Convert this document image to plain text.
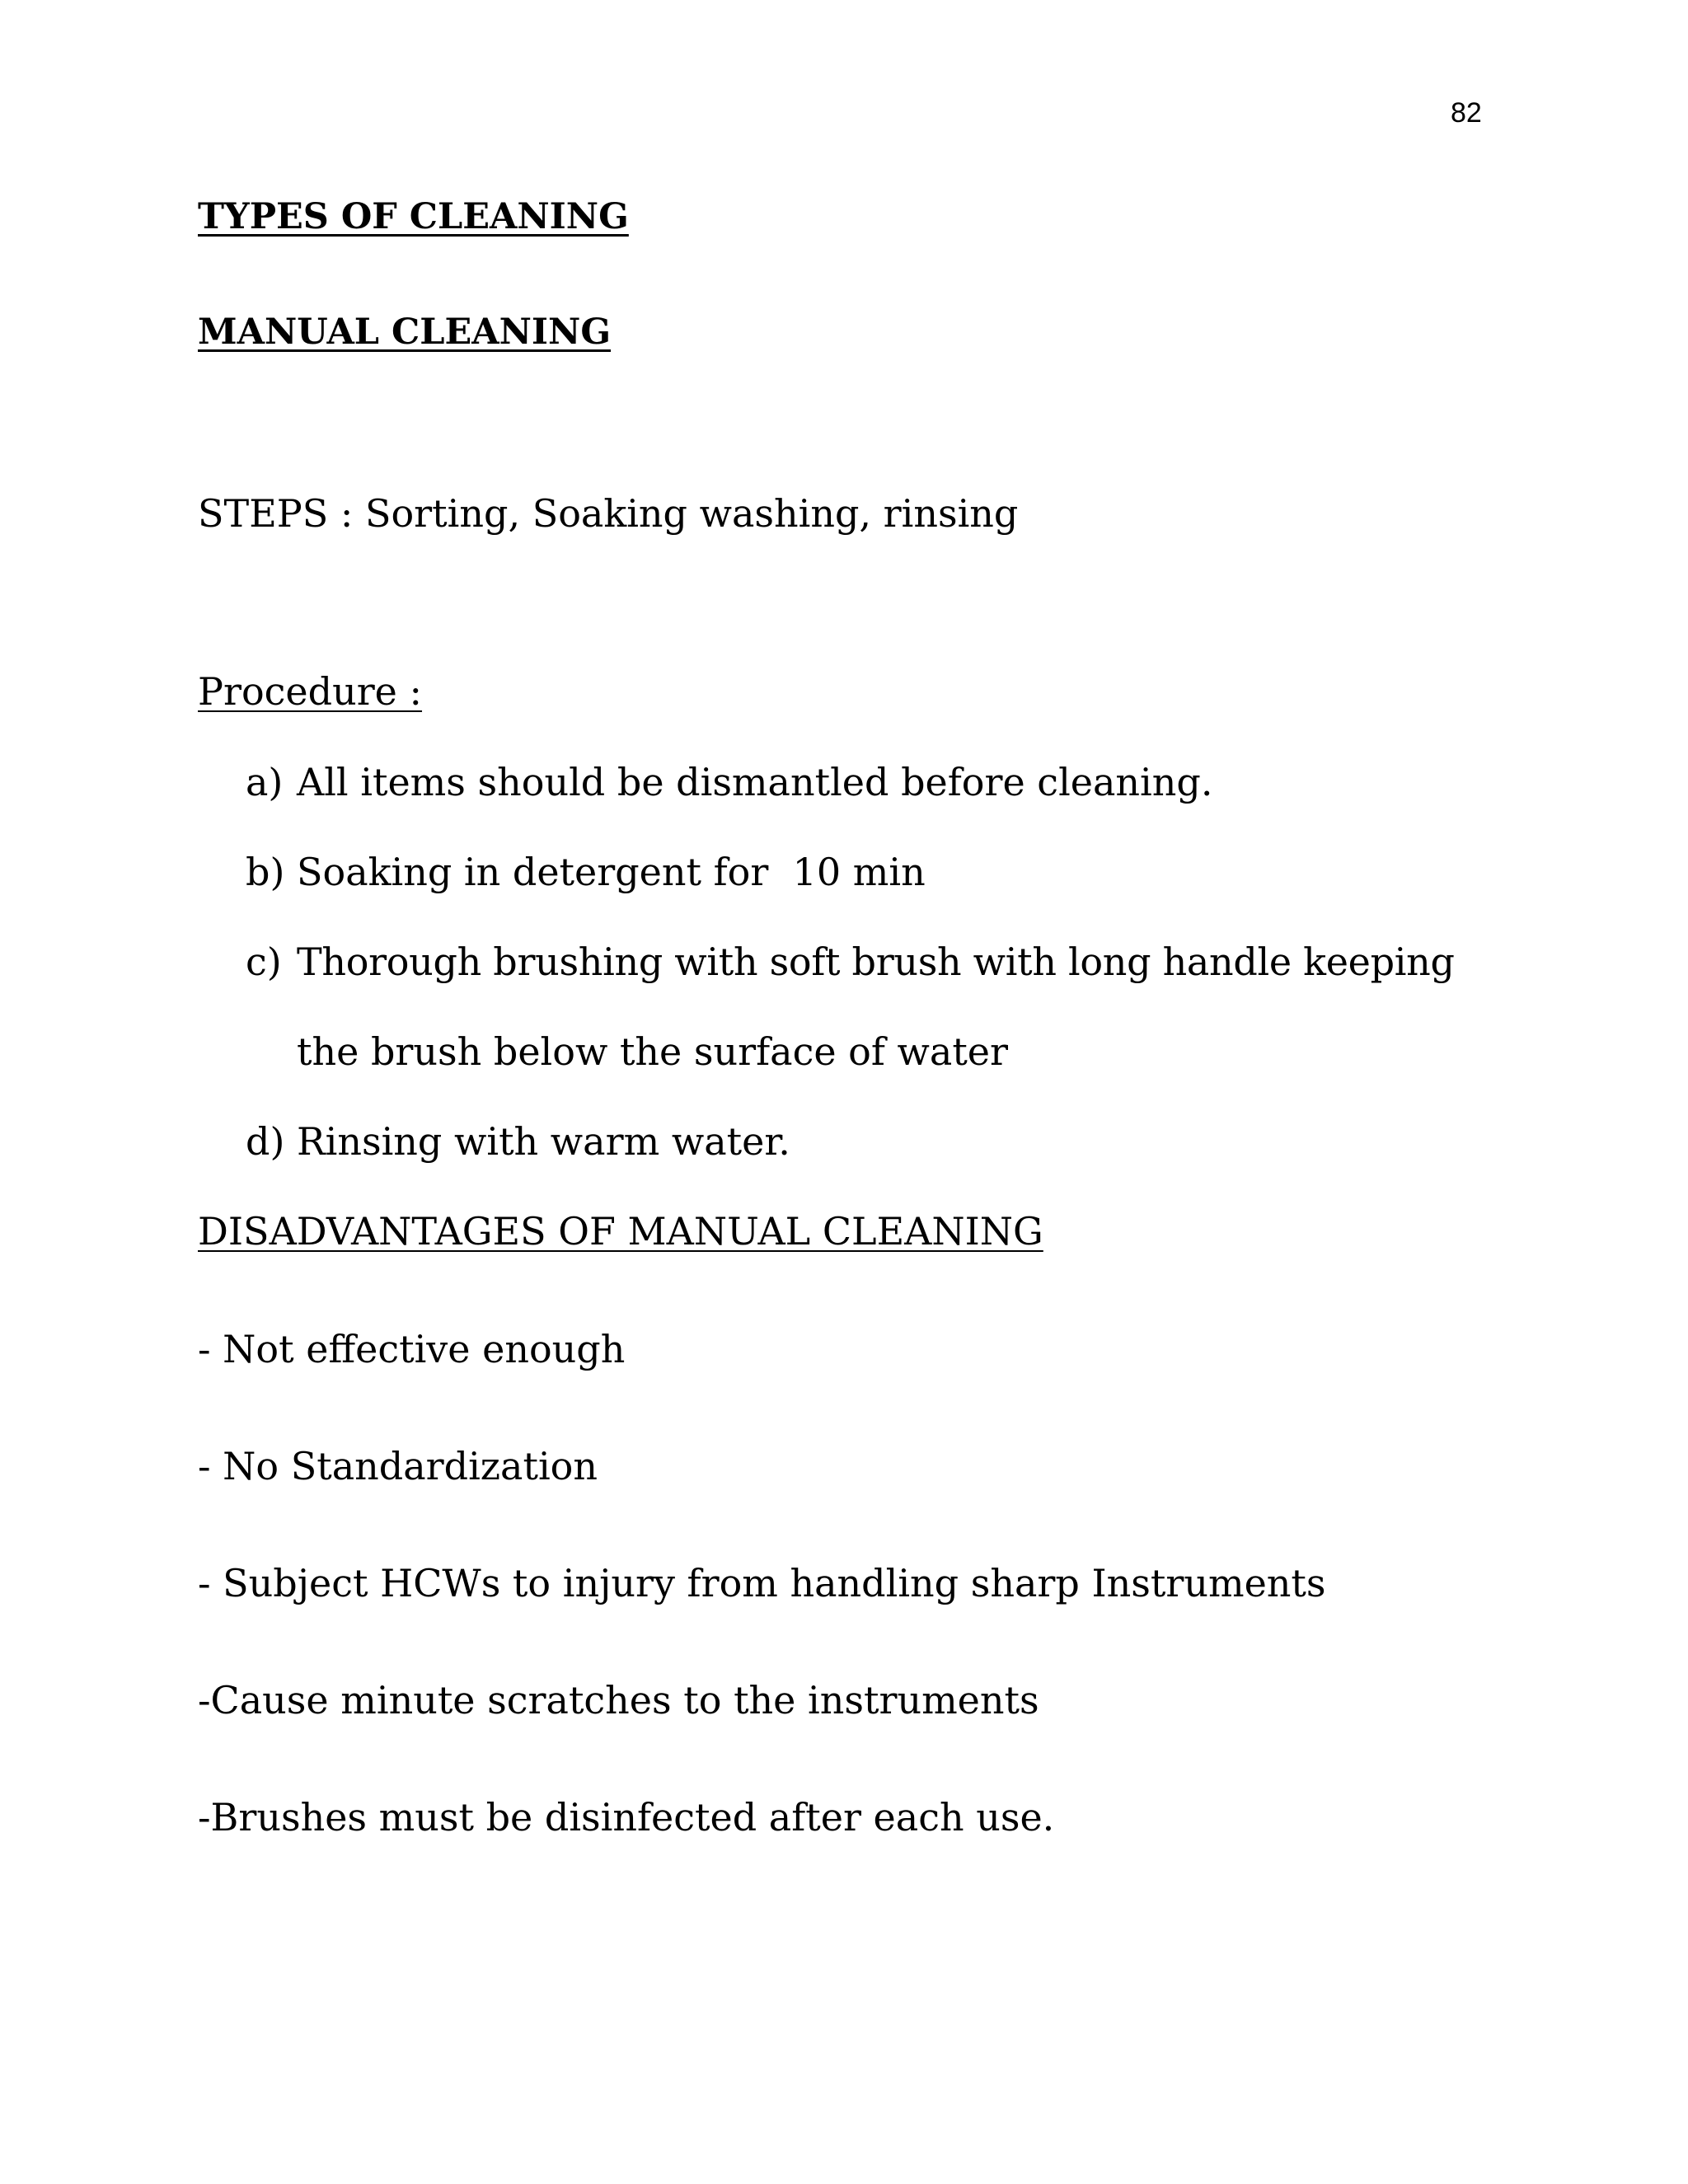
82
TYPES OF CLEANING
MANUAL CLEANING
STEPS : Sorting, Soaking washing, rinsing
Procedure :
a) All items should be dismantled before cleaning.
b) Soaking in detergent for  10 min
c) Thorough brushing with soft brush with long handle keeping
the brush below the surface of water
d) Rinsing with warm water.
DISADVANTAGES OF MANUAL CLEANING
- Not effective enough
- No Standardization
- Subject HCWs to injury from handling sharp Instruments
-Cause minute scratches to the instruments
-Brushes must be disinfected after each use.
